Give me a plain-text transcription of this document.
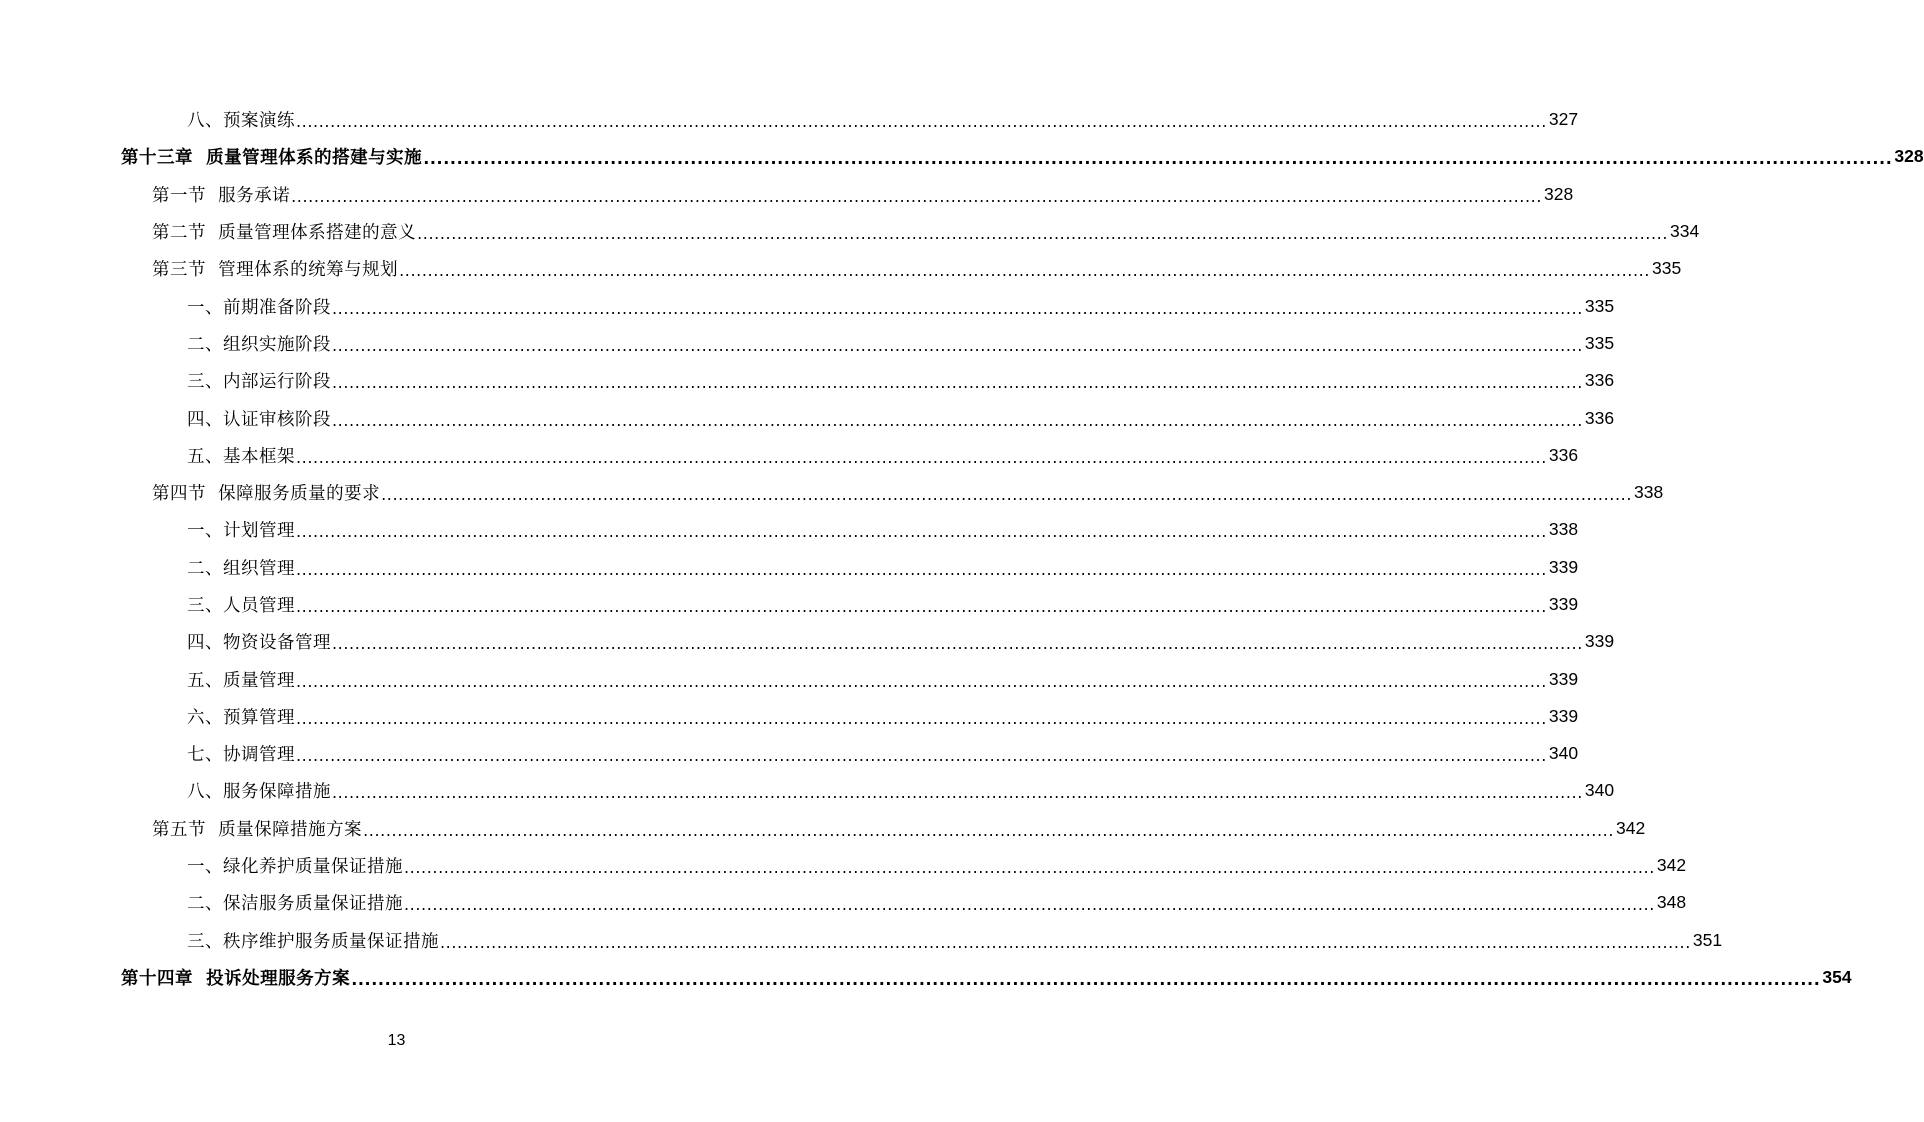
八、预案演练 ............................................................................................................................................................................................................................ 327
第十三章  质量管理体系的搭建与实施 ............................................................................................................................................................................................................................ 328
第一节  服务承诺 ............................................................................................................................................................................................................................ 328
第二节  质量管理体系搭建的意义 ............................................................................................................................................................................................................................ 334
第三节  管理体系的统筹与规划 ............................................................................................................................................................................................................................ 335
一、前期准备阶段 ............................................................................................................................................................................................................................ 335
二、组织实施阶段 ............................................................................................................................................................................................................................ 335
三、内部运行阶段 ............................................................................................................................................................................................................................ 336
四、认证审核阶段 ............................................................................................................................................................................................................................ 336
五、基本框架 ............................................................................................................................................................................................................................ 336
第四节  保障服务质量的要求 ............................................................................................................................................................................................................................ 338
一、计划管理 ............................................................................................................................................................................................................................ 338
二、组织管理 ............................................................................................................................................................................................................................ 339
三、人员管理 ............................................................................................................................................................................................................................ 339
四、物资设备管理 ............................................................................................................................................................................................................................ 339
五、质量管理 ............................................................................................................................................................................................................................ 339
六、预算管理 ............................................................................................................................................................................................................................ 339
七、协调管理 ............................................................................................................................................................................................................................ 340
八、服务保障措施 ............................................................................................................................................................................................................................ 340
第五节  质量保障措施方案 ............................................................................................................................................................................................................................ 342
一、绿化养护质量保证措施 ............................................................................................................................................................................................................................ 342
二、保洁服务质量保证措施 ............................................................................................................................................................................................................................ 348
三、秩序维护服务质量保证措施 ............................................................................................................................................................................................................................ 351
第十四章  投诉处理服务方案 ............................................................................................................................................................................................................................ 354
13
